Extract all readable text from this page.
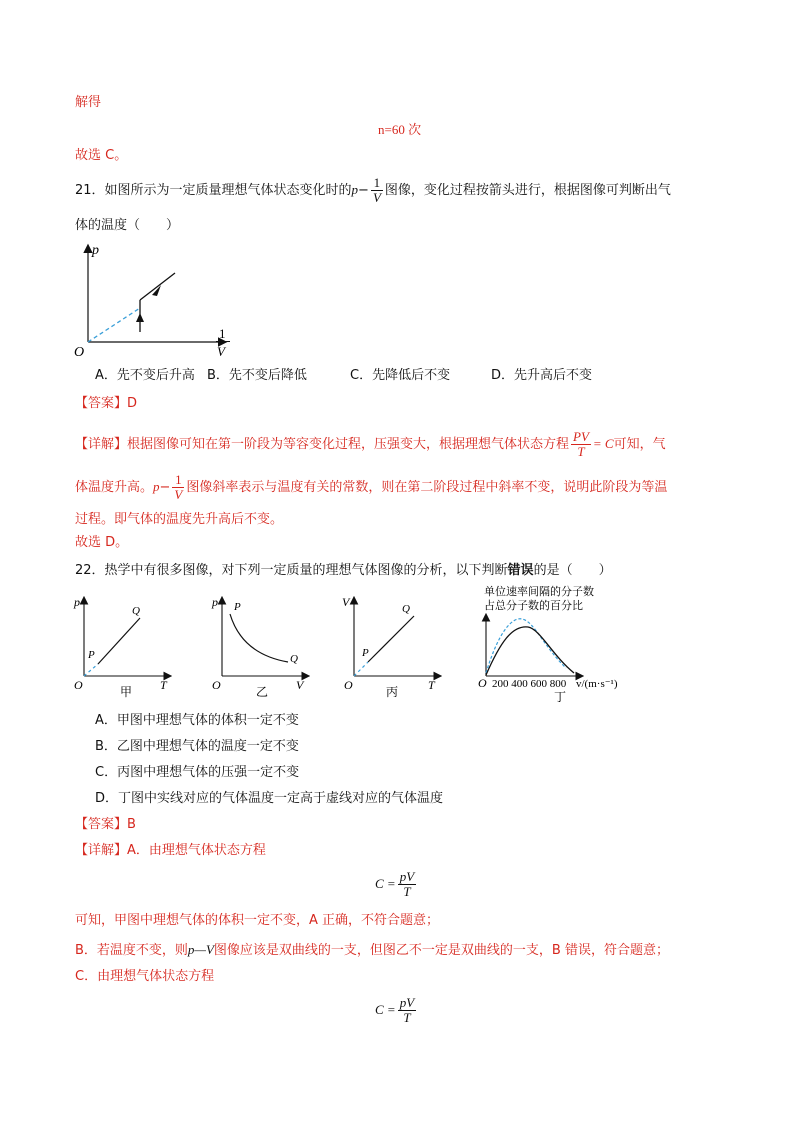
解得
n=60 次
故选 C。
21．如图所示为一定质量理想气体状态变化时的$p- \frac{1}{V}$ 图像，变化过程按箭头进行，根据图像可判断出气
体的温度（　　）
p
O
1
V
A．先不变后升高 B．先不变后降低	C．先降低后不变	D．先升高后不变
【答案】D
【详解】根据图像可知在第一阶段为等容变化过程，压强变大，根据理想气体状态方程 $\frac{PV}{T} = C$可知，气
体温度升高。$p- \frac{1}{V}$ 图像斜率表示与温度有关的常数，则在第二阶段过程中斜率不变，说明此阶段为等温
过程。即气体的温度先升高后不变。
故选 D。
22．热学中有很多图像，对下列一定质量的理想气体图像的分析，以下判断错误的是（　　）
p
P
Q
O	T
甲
p P
Q
O	V
乙
V
P
Q
O	T
丙
单位速率间隔的分子数
占总分子数的百分比
O 200 400 600 800 v/(m·s⁻¹)
丁
A．甲图中理想气体的体积一定不变
B．乙图中理想气体的温度一定不变
C．丙图中理想气体的压强一定不变
D．丁图中实线对应的气体温度一定高于虚线对应的气体温度
【答案】B
【详解】A．由理想气体状态方程
$C = \frac{pV}{T}$
可知，甲图中理想气体的体积一定不变，A 正确，不符合题意；
B．若温度不变，则p—V图像应该是双曲线的一支，但图乙不一定是双曲线的一支，B 错误，符合题意；
C．由理想气体状态方程
$C = \frac{pV}{T}$
